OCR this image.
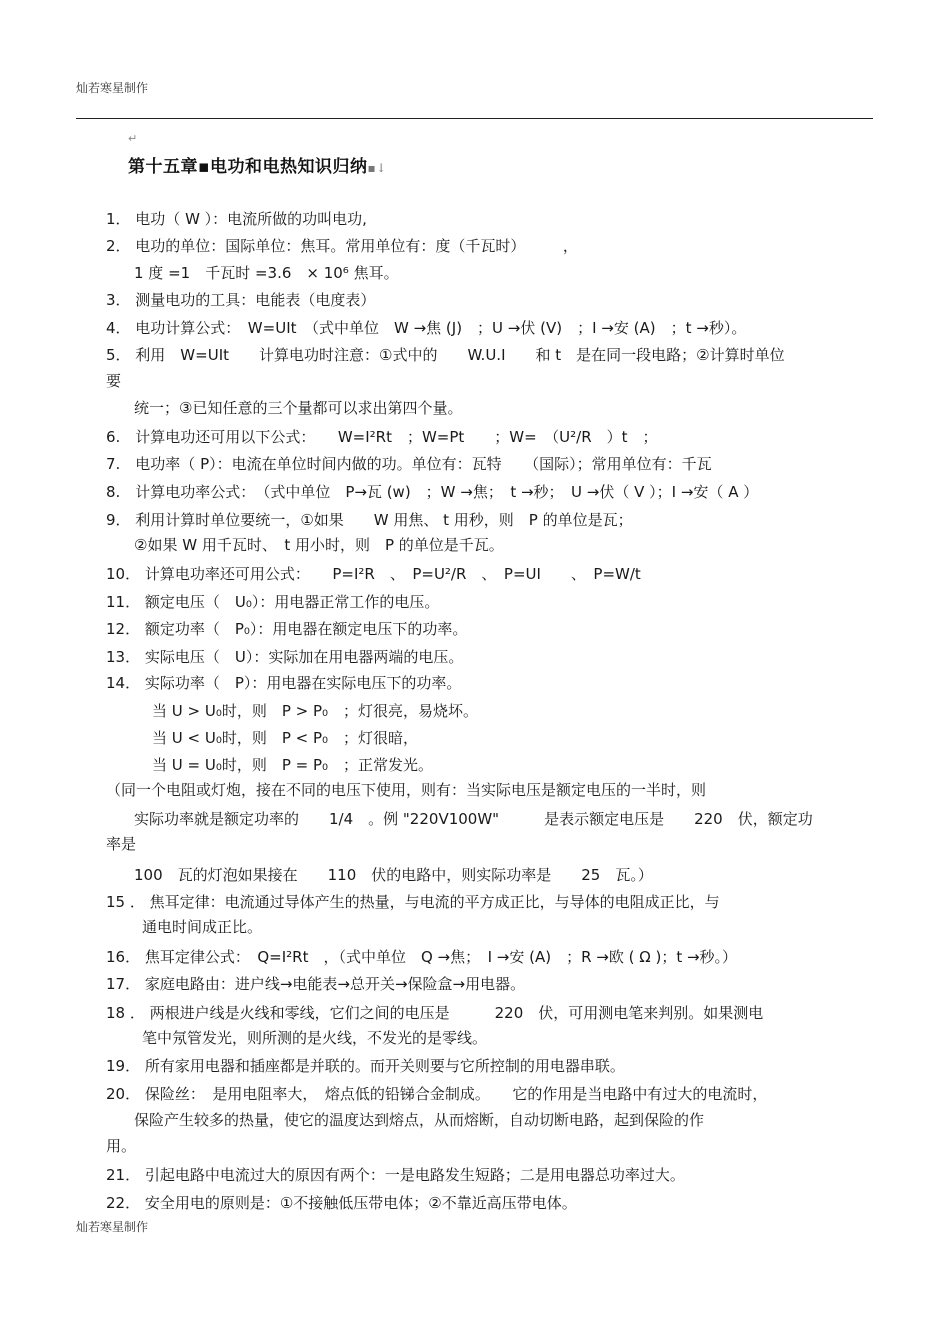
灿若寒星制作
↵
第十五章▪电功和电热知识归纳▪↓
1． 电功（ W ）：电流所做的功叫电功,
2． 电功的单位：国际单位：焦耳。常用单位有：度（千瓦时）　　　，
1 度 =1　千瓦时 =3.6　× 10⁶ 焦耳。
3． 测量电功的工具：电能表（电度表）
4． 电功计算公式：　W=UIt　（式中单位　W →焦 (J)　；U →伏 (V)　；I →安 (A)　；t →秒）。
5． 利用　W=UIt　　计算电功时注意：①式中的　　W.U.I　　和 t　是在同一段电路；②计算时单位
要
统一；③已知任意的三个量都可以求出第四个量。
6.　计算电功还可用以下公式：　　W=I²Rt　；W=Pt　　；W=　（U²/R　）t　；
7.　电功率（ P）：电流在单位时间内做的功。单位有：瓦特　　（国际）；常用单位有：千瓦
8.　计算电功率公式：　（式中单位　P→瓦 (w)　；W →焦；　t →秒；　U →伏（ V ）；I →安（ A ）
9． 利用计算时单位要统一，①如果　　W 用焦、 t 用秒，则　P 的单位是瓦；
②如果 W 用千瓦时、　t 用小时，则　P 的单位是千瓦。
10． 计算电功率还可用公式：　　P=I²R　、　P=U²/R　、　P=UI　　、　P=W/t
11． 额定电压（　U₀）：用电器正常工作的电压。
12． 额定功率（　P₀）：用电器在额定电压下的功率。
13． 实际电压（　U）：实际加在用电器两端的电压。
14． 实际功率（　P）：用电器在实际电压下的功率。
当 U > U₀时，则　P > P₀　；灯很亮，易烧坏。
当 U < U₀时，则　P < P₀　；灯很暗，
当 U = U₀时，则　P = P₀　；正常发光。
（同一个电阻或灯炮，接在不同的电压下使用，则有：当实际电压是额定电压的一半时，则
实际功率就是额定功率的　　1/4　。例 "220V100W"　　　是表示额定电压是　　220　伏，额定功
率是
100　瓦的灯泡如果接在　　110　伏的电路中，则实际功率是　　25　瓦。）
15 ． 焦耳定律：电流通过导体产生的热量，与电流的平方成正比，与导体的电阻成正比，与
通电时间成正比。
16． 焦耳定律公式：　Q=I²Rt　，（式中单位　Q →焦；　I →安 (A)　；R →欧 ( Ω )；t →秒。）
17． 家庭电路由：进户线→电能表→总开关→保险盒→用电器。
18 ． 两根进户线是火线和零线，它们之间的电压是　　　220　伏，可用测电笔来判别。如果测电
笔中氖管发光，则所测的是火线，不发光的是零线。
19． 所有家用电器和插座都是并联的。而开关则要与它所控制的用电器串联。
20． 保险丝：　是用电阻率大，　熔点低的铅锑合金制成。　　它的作用是当电路中有过大的电流时，
保险产生较多的热量，使它的温度达到熔点，从而熔断，自动切断电路，起到保险的作
用。
21． 引起电路中电流过大的原因有两个：一是电路发生短路；二是用电器总功率过大。
22． 安全用电的原则是：①不接触低压带电体；②不靠近高压带电体。
灿若寒星制作
